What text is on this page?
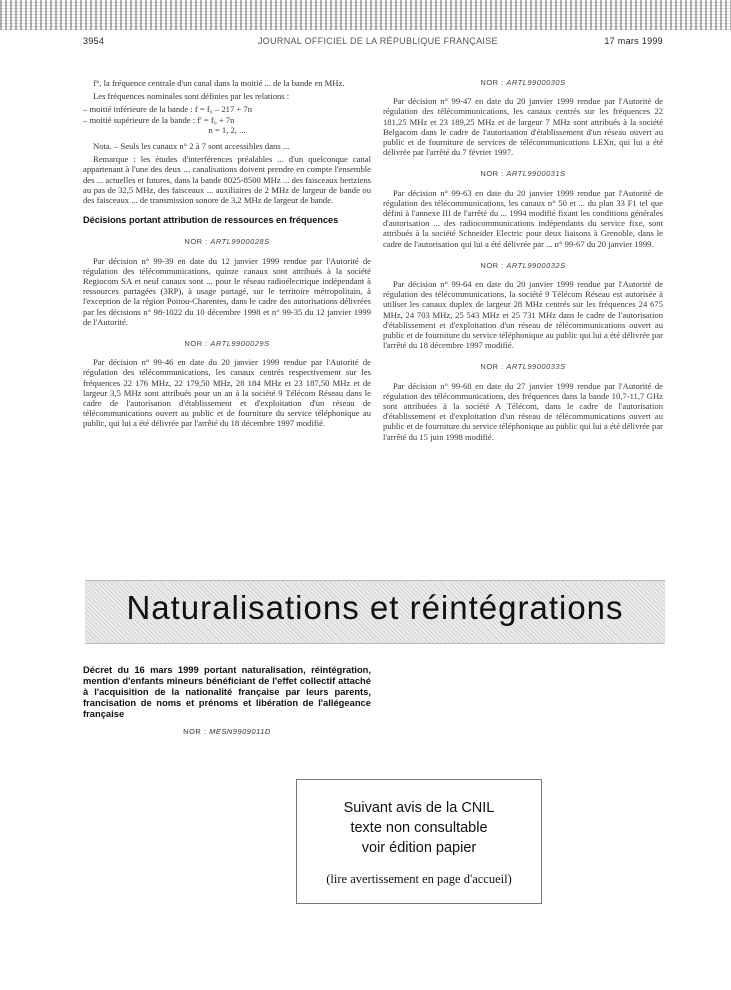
3954	JOURNAL OFFICIEL DE LA RÉPUBLIQUE FRANÇAISE	17 mars 1999

f°, la fréquence centrale d'un canal dans la moitié ... de la bande en MHz.

Les fréquences nominales sont définies par les relations :

– moitié inférieure de la bande : f = f₀ – 217 + 7n
– moitié supérieure de la bande : f' = f₀ + 7n
n = 1, 2, ...

Nota. – Seuls les canaux n° 2 à 7 sont accessibles dans ...

Remarque : les études d'interférences préalables ... d'un quelconque canal appartenant à l'une des deux ... canalisations doivent prendre en compte l'ensemble des ... actuelles et futures, dans la bande 8025-8500 MHz ... des faisceaux hertziens au pas de 32,5 MHz, des faisceaux ... auxiliaires de 2 MHz de largeur de bande ou des faisceaux ... de transmission sonore de 3,2 MHz de largeur de bande.

Décisions portant attribution de ressources en fréquences
NOR : ARTL9900028S

Par décision n° 99-39 en date du 12 janvier 1999 rendue par l'Autorité de régulation des télécommunications, quinze canaux sont attribués à la société Regiocom SA et neuf canaux sont ... pour le réseau radioélectrique indépendant à ressources partagées (3RP), à usage partagé, sur le territoire métropolitain, à l'exception de la région Poitou-Charentes, dans le cadre des autorisations délivrées par les décisions n° 98-1022 du 10 décembre 1998 et n° 99-35 du 12 janvier 1999 de l'Autorité.

NOR : ARTL9900029S

Par décision n° 99-46 en date du 20 janvier 1999 rendue par l'Autorité de régulation des télécommunications, les canaux centrés respectivement sur les fréquences 22 176 MHz, 22 179,50 MHz, 28 184 MHz et 23 187,50 MHz et de largeur 3,5 MHz sont attribués pour un an à la société 9 Télécom Réseau dans le cadre de l'autorisation d'établissement et d'exploitation d'un réseau de télécommunications ouvert au public et de fourniture du service téléphonique au public, qui lui a été délivrée par l'arrêté du 18 décembre 1997 modifié.

NOR : ARTL9900030S

Par décision n° 99-47 en date du 20 janvier 1999 rendue par l'Autorité de régulation des télécommunications, les canaux centrés sur les fréquences 22 181,25 MHz et 23 189,25 MHz et de largeur 7 MHz sont attribués à la société Belgacom dans le cadre de l'autorisation d'établissement d'un réseau ouvert au public et de fourniture de services de télécommunications LEXn, qui lui a été délivrée par l'arrêté du 7 février 1997.

NOR : ARTL9900031S

Par décision n° 99-63 en date du 20 janvier 1999 rendue par l'Autorité de régulation des télécommunications, les canaux n° 50 et ... du plan 33 F1 tel que défini à l'annexe III de l'arrêté du ... 1994 modifié fixant les conditions générales d'autorisation ... des radiocommunications indépendants du service fixe, sont attribués à la société Schneider Electric pour deux liaisons à Grenoble, dans le cadre de l'autorisation qui lui a été délivrée par ... n° 99-67 du 20 janvier 1999.

NOR : ARTL9900032S

Par décision n° 99-64 en date du 20 janvier 1999 rendue par l'Autorité de régulation des télécommunications, la société 9 Télécom Réseau est autorisée à utiliser les canaux duplex de largeur 28 MHz centrés sur les fréquences 24 675 MHz, 24 703 MHz, 25 543 MHz et 25 731 MHz dans le cadre de l'autorisation d'établissement et d'exploitation d'un réseau de télécommunications ouvert au public et de fourniture du service téléphonique au public qui lui a été délivrée par l'arrêté du 18 décembre 1997 modifié.

NOR : ARTL9900033S

Par décision n° 99-68 en date du 27 janvier 1999 rendue par l'Autorité de régulation des télécommunications, des fréquences dans la bande 10,7-11,7 GHz sont attribuées à la société A Télécom, dans le cadre de l'autorisation d'établissement et d'exploitation d'un réseau de télécommunications ouvert au public et de fourniture du service téléphonique au public qui lui a été délivrée par l'arrêté du 15 juin 1998 modifié.

Naturalisations et réintégrations
Décret du 16 mars 1999 portant naturalisation, réintégration, mention d'enfants mineurs bénéficiant de l'effet collectif attaché à l'acquisition de la nationalité française par leurs parents, francisation de noms et prénoms et libération de l'allégeance française
NOR : MESN9909011D
Suivant avis de la CNIL
texte non consultable
voir édition papier
(lire avertissement en page d'accueil)
